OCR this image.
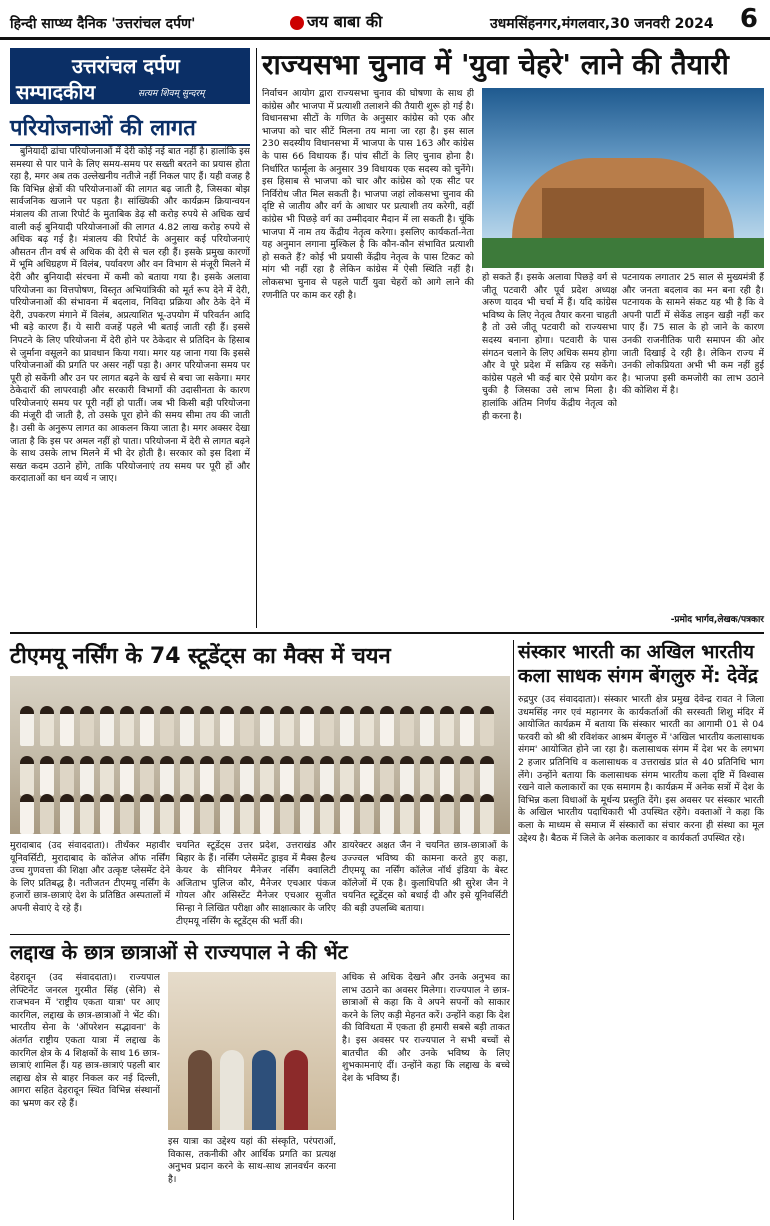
हिन्दी साप्ध्य दैनिक 'उत्तरांचल दर्पण'	जय बाबा की	उधमसिंहनगर,मंगलवार,30 जनवरी 2024 6
उत्तरांचल दर्पण
सम्पादकीय	सत्यम शिवम् सुन्दरम्
परियोजनाओं की लागत

बुनियादी ढांचा परियोजनाओं में देरी कोई नई बात नहीं है। हालांकि इस समस्या से पार पाने के लिए समय-समय पर सख्ती बरतने का प्रयास होता रहा है, मगर अब तक उल्लेखनीय नतीजे नहीं निकल पाए हैं। यही वजह है कि विभिन्न क्षेत्रों की परियोजनाओं की लागत बढ़ जाती है, जिसका बोझ सार्वजनिक खजाने पर पड़ता है। सांख्यिकी और कार्यक्रम क्रियान्वयन मंत्रालय की ताजा रिपोर्ट के मुताबिक डेढ़ सौ करोड़ रुपये से अधिक खर्च वाली कई बुनियादी परियोजनाओं की लागत 4.82 लाख करोड़ रुपये से अधिक बढ़ गई है। मंत्रालय की रिपोर्ट के अनुसार कई परियोजनाएं औसतन तीन वर्ष से अधिक की देरी से चल रही हैं। इसके प्रमुख कारणों में भूमि अधिग्रहण में विलंब, पर्यावरण और वन विभाग से मंजूरी मिलने में देरी और बुनियादी संरचना में कमी को बताया गया है। इसके अलावा परियोजना का वित्तपोषण, विस्तृत अभियांत्रिकी को मूर्त रूप देने में देरी, परियोजनाओं की संभावना में बदलाव, निविदा प्रक्रिया और ठेके देने में देरी, उपकरण मंगाने में विलंब, अप्रत्याशित भू-उपयोग में परिवर्तन आदि भी बड़े कारण हैं। ये सारी वजहें पहले भी बताई जाती रही हैं। इससे निपटने के लिए परियोजना में देरी होने पर ठेकेदार से प्रतिदिन के हिसाब से जुर्माना वसूलने का प्रावधान किया गया। मगर यह जाना गया कि इससे परियोजनाओं की प्रगति पर असर नहीं पड़ा है। अगर परियोजना समय पर पूरी हो सकेंगी और उन पर लागत बढ़ने के खर्च से बचा जा सकेगा। मगर ठेकेदारों की लापरवाही और सरकारी विभागों की उदासीनता के कारण परियोजनाएं समय पर पूरी नहीं हो पातीं। जब भी किसी बड़ी परियोजना की मंजूरी दी जाती है, तो उसके पूरा होने की समय सीमा तय की जाती है। उसी के अनुरूप लागत का आकलन किया जाता है। मगर अक्सर देखा जाता है कि इस पर अमल नहीं हो पाता। परियोजना में देरी से लागत बढ़ने के साथ उसके लाभ मिलने में भी देर होती है। सरकार को इस दिशा में सख्त कदम उठाने होंगे, ताकि परियोजनाएं तय समय पर पूरी हों और करदाताओं का धन व्यर्थ न जाए।

राज्यसभा चुनाव में 'युवा चेहरे' लाने की तैयारी
निर्वाचन आयोग द्वारा राज्यसभा चुनाव की घोषणा के साथ ही कांग्रेस और भाजपा में प्रत्याशी तलाशने की तैयारी शुरू हो गई है। विधानसभा सीटों के गणित के अनुसार कांग्रेस को एक और भाजपा को चार सीटें मिलना तय माना जा रहा है। इस साल 230 सदस्यीय विधानसभा में भाजपा के पास 163 और कांग्रेस के पास 66 विधायक हैं। पांच सीटों के लिए चुनाव होना है। निर्धारित फार्मूला के अनुसार 39 विधायक एक सदस्य को चुनेंगे। इस हिसाब से भाजपा को चार और कांग्रेस को एक सीट पर निर्विरोध जीत मिल सकती है। भाजपा जहां लोकसभा चुनाव की दृष्टि से जातीय और वर्ग के आधार पर प्रत्याशी तय करेगी, वहीं कांग्रेस भी पिछड़े वर्ग का उम्मीदवार मैदान में ला सकती है। चूंकि भाजपा में नाम तय केंद्रीय नेतृत्व करेगा। इसलिए कार्यकर्ता-नेता यह अनुमान लगाना मुश्किल है कि कौन-कौन संभावित प्रत्याशी हो सकते हैं? कोई भी प्रयासी केंद्रीय नेतृत्व के पास टिकट को मांग भी नहीं रहा है लेकिन कांग्रेस में ऐसी स्थिति नहीं है। लोकसभा चुनाव से पहले पार्टी युवा चेहरों को आगे लाने की रणनीति पर काम कर रही है।
हो सकते हैं। इसके अलावा पिछड़े वर्ग से जीतू पटवारी और पूर्व प्रदेश अध्यक्ष अरुण यादव भी चर्चा में हैं। यदि कांग्रेस भविष्य के लिए नेतृत्व तैयार करना चाहती है तो उसे जीतू पटवारी को राज्यसभा सदस्य बनाना होगा। पटवारी के पास संगठन चलाने के लिए अधिक समय होगा और वे पूरे प्रदेश में सक्रिय रह सकेंगे। कांग्रेस पहले भी कई बार ऐसे प्रयोग कर चुकी है जिसका उसे लाभ मिला है। हालांकि अंतिम निर्णय केंद्रीय नेतृत्व को ही करना है।
पटनायक लगातार 25 साल से मुख्यमंत्री हैं और जनता बदलाव का मन बना रही है। पटनायक के सामने संकट यह भी है कि वे अपनी पार्टी में सेकेंड लाइन खड़ी नहीं कर पाए हैं। 75 साल के हो जाने के कारण उनकी राजनीतिक पारी समापन की ओर जाती दिखाई दे रही है। लेकिन राज्य में उनकी लोकप्रियता अभी भी कम नहीं हुई है। भाजपा इसी कमजोरी का लाभ उठाने की कोशिश में है।
-प्रमोद भार्गव,लेखक/पत्रकार
टीएमयू नर्सिंग के 74 स्टूडेंट्स का मैक्स में चयन
मुरादाबाद (उद संवाददाता)। तीर्थंकर महावीर यूनिवर्सिटी, मुरादाबाद के कॉलेज ऑफ नर्सिंग उच्च गुणवत्ता की शिक्षा और उत्कृष्ट प्लेसमेंट देने के लिए प्रतिबद्ध है। नतीजतन टीएमयू नर्सिंग के हजारों छात्र-छात्राएं देश के प्रतिष्ठित अस्पतालों में अपनी सेवाएं दे रहे हैं।
चयनित स्टूडेंट्स उत्तर प्रदेश, उत्तराखंड और बिहार के हैं। नर्सिंग प्लेसमेंट ड्राइव में मैक्स हैल्थ केयर के सीनियर मैनेजर नर्सिंग क्वालिटी अजिताभ पुलिज कौर, मैनेजर एचआर पंकज गोयल और असिस्टेंट मैनेजर एचआर सुजीत सिन्हा ने लिखित परीक्षा और साक्षात्कार के जरिए टीएमयू नर्सिंग के स्टूडेंट्स की भर्ती की।
डायरेक्टर अक्षत जैन ने चयनित छात्र-छात्राओं के उज्ज्वल भविष्य की कामना करते हुए कहा, टीएमयू का नर्सिंग कॉलेज नॉर्थ इंडिया के बेस्ट कॉलेजों में एक है। कुलाधिपति श्री सुरेश जैन ने चयनित स्टूडेंट्स को बधाई दी और इसे यूनिवर्सिटी की बड़ी उपलब्धि बताया।
लद्दाख के छात्र छात्राओं से राज्यपाल ने की भेंट
देहरादून (उद संवाददाता)। राज्यपाल लेफ्टिनेंट जनरल गुरमीत सिंह (सेनि) से राजभवन में 'राष्ट्रीय एकता यात्रा' पर आए कारगिल, लद्दाख के छात्र-छात्राओं ने भेंट की। भारतीय सेना के 'ऑपरेशन सद्भावना' के अंतर्गत राष्ट्रीय एकता यात्रा में लद्दाख के कारगिल क्षेत्र के 4 शिक्षकों के साथ 16 छात्र-छात्राएं शामिल हैं। यह छात्र-छात्राएं पहली बार लद्दाख क्षेत्र से बाहर निकल कर नई दिल्ली, आगरा सहित देहरादून स्थित विभिन्न संस्थानों का भ्रमण कर रहे हैं।
इस यात्रा का उद्देश्य यहां की संस्कृति, परंपराओं, विकास, तकनीकी और आर्थिक प्रगति का प्रत्यक्ष अनुभव प्रदान करने के साथ-साथ ज्ञानवर्धन करना है।
अधिक से अधिक देखने और उनके अनुभव का लाभ उठाने का अवसर मिलेगा। राज्यपाल ने छात्र-छात्राओं से कहा कि वे अपने सपनों को साकार करने के लिए कड़ी मेहनत करें। उन्होंने कहा कि देश की विविधता में एकता ही हमारी सबसे बड़ी ताकत है। इस अवसर पर राज्यपाल ने सभी बच्चों से बातचीत की और उनके भविष्य के लिए शुभकामनाएं दीं। उन्होंने कहा कि लद्दाख के बच्चे देश के भविष्य हैं।
संस्कार भारती का अखिल भारतीय कला साधक संगम बेंगलुरु में: देवेंद्र
रुद्रपुर (उद संवाददाता)। संस्कार भारती क्षेत्र प्रमुख देवेन्द्र रावत ने जिला उधमसिंह नगर एवं महानगर के कार्यकर्ताओं की सरस्वती शिशु मंदिर में आयोजित कार्यक्रम में बताया कि संस्कार भारती का आगामी 01 से 04 फरवरी को श्री श्री रविशंकर आश्रम बेंगलुरु में 'अखिल भारतीय कलासाधक संगम' आयोजित होने जा रहा है। कलासाधक संगम में देश भर के लगभग 2 हजार प्रतिनिधि व कलासाधक व उत्तराखंड प्रांत से 40 प्रतिनिधि भाग लेंगे। उन्होंने बताया कि कलासाधक संगम भारतीय कला दृष्टि में विश्वास रखने वाले कलाकारों का एक समागम है। कार्यक्रम में अनेक सत्रों में देश के विभिन्न कला विधाओं के मूर्धन्य प्रस्तुति देंगे। इस अवसर पर संस्कार भारती के अखिल भारतीय पदाधिकारी भी उपस्थित रहेंगे। वक्ताओं ने कहा कि कला के माध्यम से समाज में संस्कारों का संचार करना ही संस्था का मूल उद्देश्य है। बैठक में जिले के अनेक कलाकार व कार्यकर्ता उपस्थित रहे।
